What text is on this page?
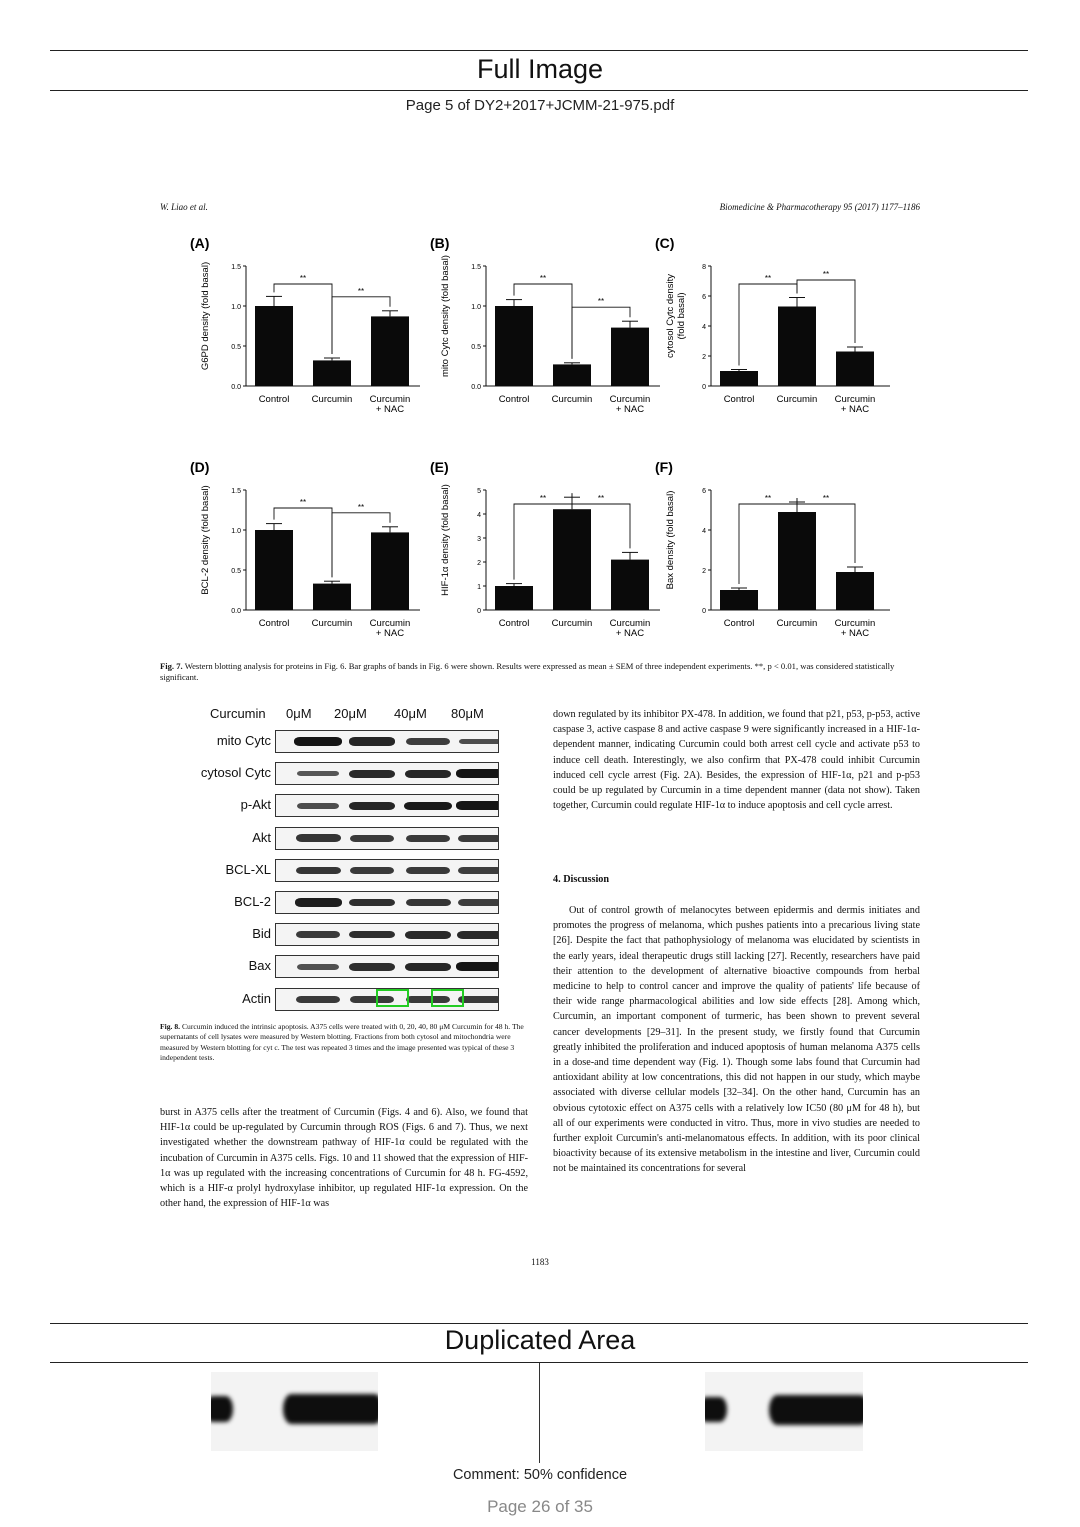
Full Image
Page 5 of DY2+2017+JCMM-21-975.pdf
W. Liao et al.	Biomedicine & Pharmacotherapy 95 (2017) 1177–1186
(A)
G6PD density (fold basal)
0.0
0.5
1.0
1.5
Control Curcumin Curcumin
+ NAC
**
**
(B)
mito Cytc density (fold basal)
0.0
0.5
1.0
1.5
Control Curcumin Curcumin
+ NAC
**
**
(C)
cytosol Cytc density (fold basal)
0
2
4
6
8
Control Curcumin Curcumin
+ NAC
**	**
(D)
BCL-2 density (fold basal)
0.0
0.5
1.0
1.5
Control Curcumin Curcumin
+ NAC
**
**
(E)
HIF-1α density (fold basal)
0
1
2
3
4
5
Control Curcumin Curcumin
+ NAC
**	**
(F)
Bax density (fold basal)
0
2
4
6
Control Curcumin Curcumin
+ NAC
**	**
Fig. 7. Western blotting analysis for proteins in Fig. 6. Bar graphs of bands in Fig. 6 were shown. Results were expressed as mean ± SEM of three independent experiments. **, p < 0.01, was considered statistically significant.
Curcumin 0μM 20μM 40μM 80μM
mito Cytc
cytosol Cytc
p-Akt
Akt
BCL-XL
BCL-2
Bid
Bax
Actin
Fig. 8. Curcumin induced the intrinsic apoptosis. A375 cells were treated with 0, 20, 40, 80 μM Curcumin for 48 h. The supernatants of cell lysates were measured by Western blotting. Fractions from both cytosol and mitochondria were measured by Western blotting for cyt c. The test was repeated 3 times and the image presented was typical of these 3 independent tests.

burst in A375 cells after the treatment of Curcumin (Figs. 4 and 6). Also, we found that HIF-1α could be up-regulated by Curcumin through ROS (Figs. 6 and 7). Thus, we next investigated whether the downstream pathway of HIF-1α could be regulated with the incubation of Curcumin in A375 cells. Figs. 10 and 11 showed that the expression of HIF-1α was up regulated with the increasing concentrations of Curcumin for 48 h. FG-4592, which is a HIF-α prolyl hydroxylase inhibitor, up regulated HIF-1α expression. On the other hand, the expression of HIF-1α was

down regulated by its inhibitor PX-478. In addition, we found that p21, p53, p-p53, active caspase 3, active caspase 8 and active caspase 9 were significantly increased in a HIF-1α-dependent manner, indicating Curcumin could both arrest cell cycle and activate p53 to induce cell death. Interestingly, we also confirm that PX-478 could inhibit Curcumin induced cell cycle arrest (Fig. 2A). Besides, the expression of HIF-1α, p21 and p-p53 could be up regulated by Curcumin in a time dependent manner (data not show). Taken together, Curcumin could regulate HIF-1α to induce apoptosis and cell cycle arrest.

4. Discussion

Out of control growth of melanocytes between epidermis and dermis initiates and promotes the progress of melanoma, which pushes patients into a precarious living state [26]. Despite the fact that pathophysiology of melanoma was elucidated by scientists in the early years, ideal therapeutic drugs still lacking [27]. Recently, researchers have paid their attention to the development of alternative bioactive compounds from herbal medicine to help to control cancer and improve the quality of patients' life because of their wide range pharmacological abilities and low side effects [28]. Among which, Curcumin, an important component of turmeric, has been shown to prevent several cancer developments [29–31]. In the present study, we firstly found that Curcumin greatly inhibited the proliferation and induced apoptosis of human melanoma A375 cells in a dose-and time dependent way (Fig. 1). Though some labs found that Curcumin had antioxidant ability at low concentrations, this did not happen in our study, which maybe associated with diverse cellular models [32–34]. On the other hand, Curcumin has an obvious cytotoxic effect on A375 cells with a relatively low IC50 (80 μM for 48 h), but all of our experiments were conducted in vitro. Thus, more in vivo studies are needed to further exploit Curcumin's anti-melanomatous effects. In addition, with its poor clinical bioactivity because of its extensive metabolism in the intestine and liver, Curcumin could not be maintained its concentrations for several

1183
Duplicated Area
Comment: 50% confidence
Page 26 of 35
